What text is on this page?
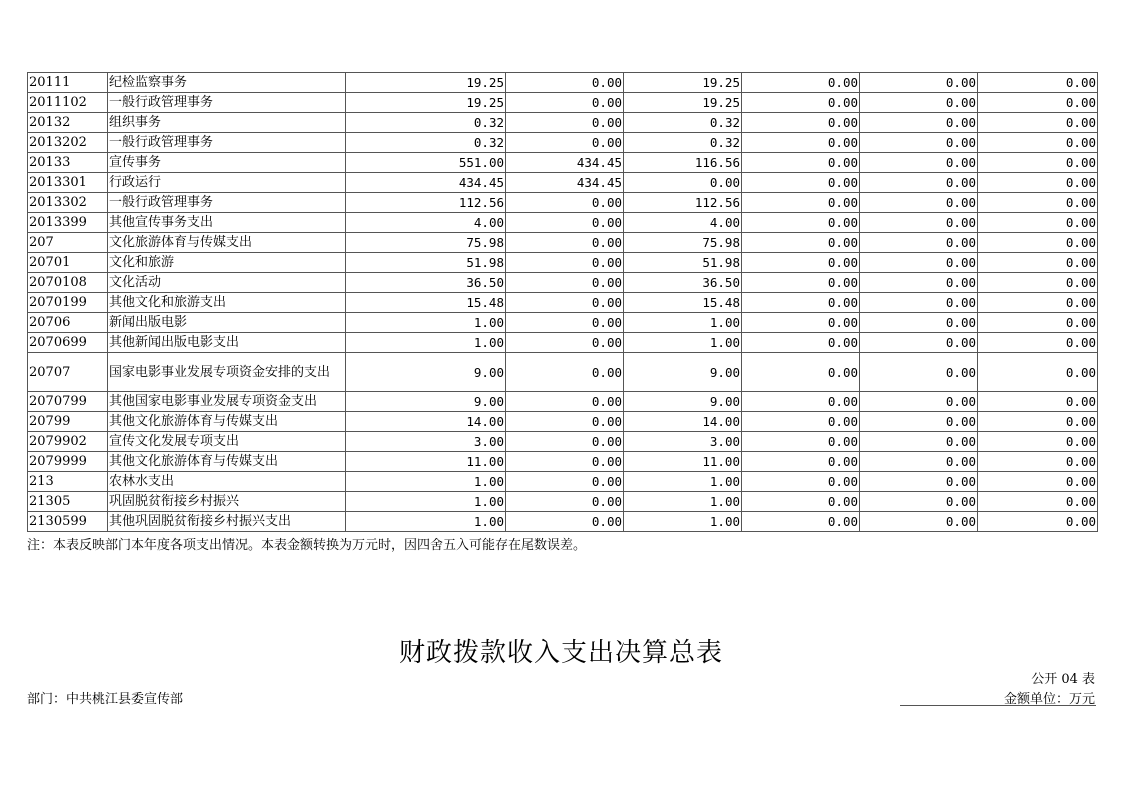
20111	纪检监察事务	19.25	0.00	19.25	0.00	0.00	0.00
2011102	一般行政管理事务	19.25	0.00	19.25	0.00	0.00	0.00
20132	组织事务	0.32	0.00	0.32	0.00	0.00	0.00
2013202	一般行政管理事务	0.32	0.00	0.32	0.00	0.00	0.00
20133	宣传事务	551.00	434.45	116.56	0.00	0.00	0.00
2013301	行政运行	434.45	434.45	0.00	0.00	0.00	0.00
2013302	一般行政管理事务	112.56	0.00	112.56	0.00	0.00	0.00
2013399	其他宣传事务支出	4.00	0.00	4.00	0.00	0.00	0.00
207	文化旅游体育与传媒支出	75.98	0.00	75.98	0.00	0.00	0.00
20701	文化和旅游	51.98	0.00	51.98	0.00	0.00	0.00
2070108	文化活动	36.50	0.00	36.50	0.00	0.00	0.00
2070199	其他文化和旅游支出	15.48	0.00	15.48	0.00	0.00	0.00
20706	新闻出版电影	1.00	0.00	1.00	0.00	0.00	0.00
2070699	其他新闻出版电影支出	1.00	0.00	1.00	0.00	0.00	0.00
20707	国家电影事业发展专项资金安排的支出	9.00	0.00	9.00	0.00	0.00	0.00
2070799	其他国家电影事业发展专项资金支出	9.00	0.00	9.00	0.00	0.00	0.00
20799	其他文化旅游体育与传媒支出	14.00	0.00	14.00	0.00	0.00	0.00
2079902	宣传文化发展专项支出	3.00	0.00	3.00	0.00	0.00	0.00
2079999	其他文化旅游体育与传媒支出	11.00	0.00	11.00	0.00	0.00	0.00
213	农林水支出	1.00	0.00	1.00	0.00	0.00	0.00
21305	巩固脱贫衔接乡村振兴	1.00	0.00	1.00	0.00	0.00	0.00
2130599	其他巩固脱贫衔接乡村振兴支出	1.00	0.00	1.00	0.00	0.00	0.00
注：本表反映部门本年度各项支出情况。本表金额转换为万元时，因四舍五入可能存在尾数误差。
财政拨款收入支出决算总表
公开 04 表
部门：中共桃江县委宣传部	金额单位：万元
